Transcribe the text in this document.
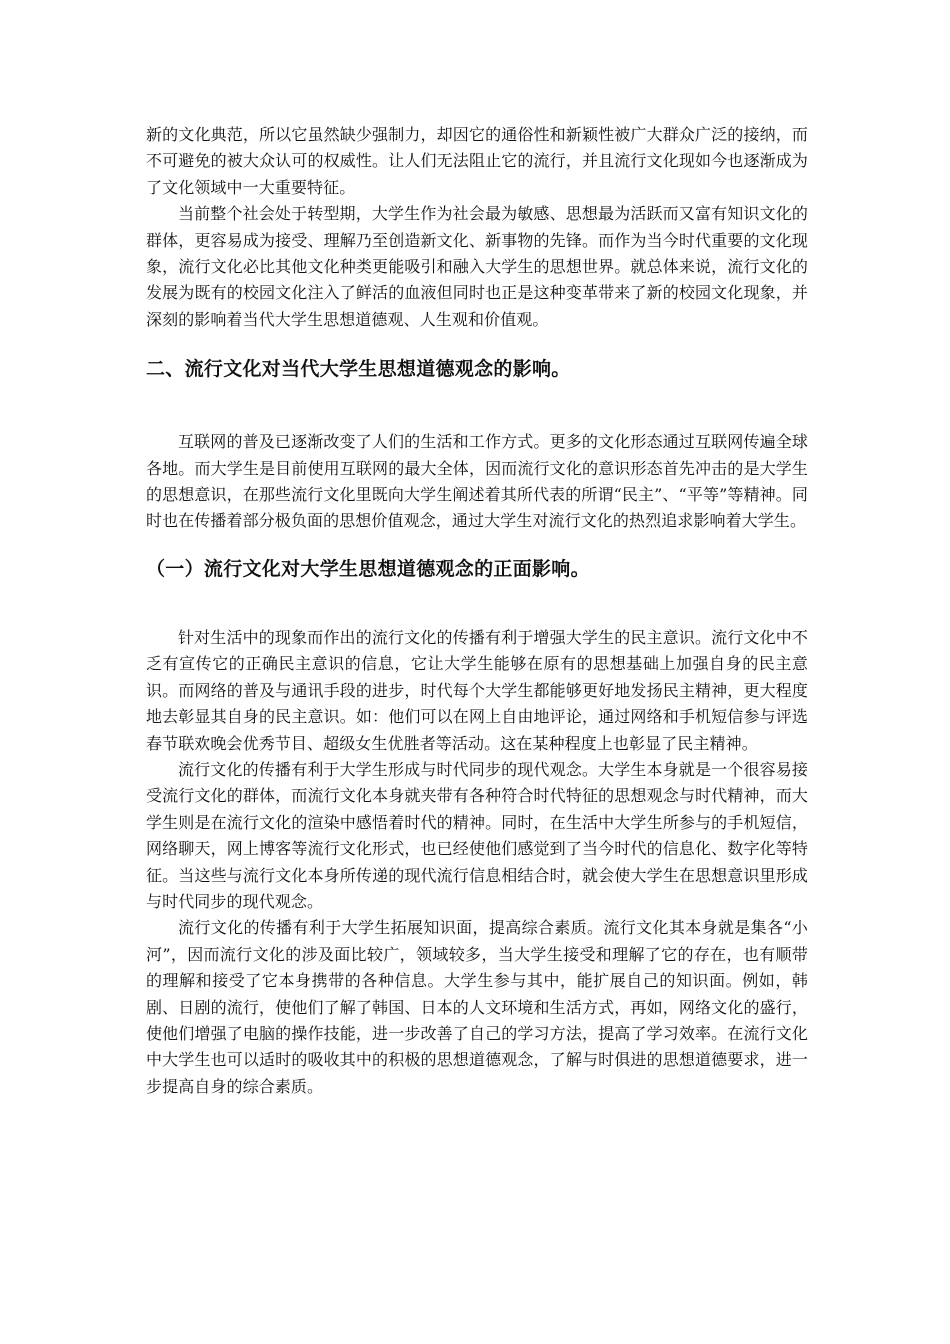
新的文化典范，所以它虽然缺少强制力，却因它的通俗性和新颖性被广大群众广泛的接纳，而不可避免的被大众认可的权威性。让人们无法阻止它的流行，并且流行文化现如今也逐渐成为了文化领域中一大重要特征。

当前整个社会处于转型期，大学生作为社会最为敏感、思想最为活跃而又富有知识文化的群体，更容易成为接受、理解乃至创造新文化、新事物的先锋。而作为当今时代重要的文化现象，流行文化必比其他文化种类更能吸引和融入大学生的思想世界。就总体来说，流行文化的发展为既有的校园文化注入了鲜活的血液但同时也正是这种变革带来了新的校园文化现象，并深刻的影响着当代大学生思想道德观、人生观和价值观。

二、流行文化对当代大学生思想道德观念的影响。

互联网的普及已逐渐改变了人们的生活和工作方式。更多的文化形态通过互联网传遍全球各地。而大学生是目前使用互联网的最大全体，因而流行文化的意识形态首先冲击的是大学生的思想意识，在那些流行文化里既向大学生阐述着其所代表的所谓“民主”、“平等”等精神。同时也在传播着部分极负面的思想价值观念，通过大学生对流行文化的热烈追求影响着大学生。

（一）流行文化对大学生思想道德观念的正面影响。

针对生活中的现象而作出的流行文化的传播有利于增强大学生的民主意识。流行文化中不乏有宣传它的正确民主意识的信息，它让大学生能够在原有的思想基础上加强自身的民主意识。而网络的普及与通讯手段的进步，时代每个大学生都能够更好地发扬民主精神，更大程度地去彰显其自身的民主意识。如：他们可以在网上自由地评论，通过网络和手机短信参与评选春节联欢晚会优秀节目、超级女生优胜者等活动。这在某种程度上也彰显了民主精神。

流行文化的传播有利于大学生形成与时代同步的现代观念。大学生本身就是一个很容易接受流行文化的群体，而流行文化本身就夹带有各种符合时代特征的思想观念与时代精神，而大学生则是在流行文化的渲染中感悟着时代的精神。同时，在生活中大学生所参与的手机短信，网络聊天，网上博客等流行文化形式，也已经使他们感觉到了当今时代的信息化、数字化等特征。当这些与流行文化本身所传递的现代流行信息相结合时，就会使大学生在思想意识里形成与时代同步的现代观念。

流行文化的传播有利于大学生拓展知识面，提高综合素质。流行文化其本身就是集各“小河”，因而流行文化的涉及面比较广，领域较多，当大学生接受和理解了它的存在，也有顺带的理解和接受了它本身携带的各种信息。大学生参与其中，能扩展自己的知识面。例如，韩剧、日剧的流行，使他们了解了韩国、日本的人文环境和生活方式，再如，网络文化的盛行，使他们增强了电脑的操作技能，进一步改善了自己的学习方法，提高了学习效率。在流行文化中大学生也可以适时的吸收其中的积极的思想道德观念，了解与时俱进的思想道德要求，进一步提高自身的综合素质。
